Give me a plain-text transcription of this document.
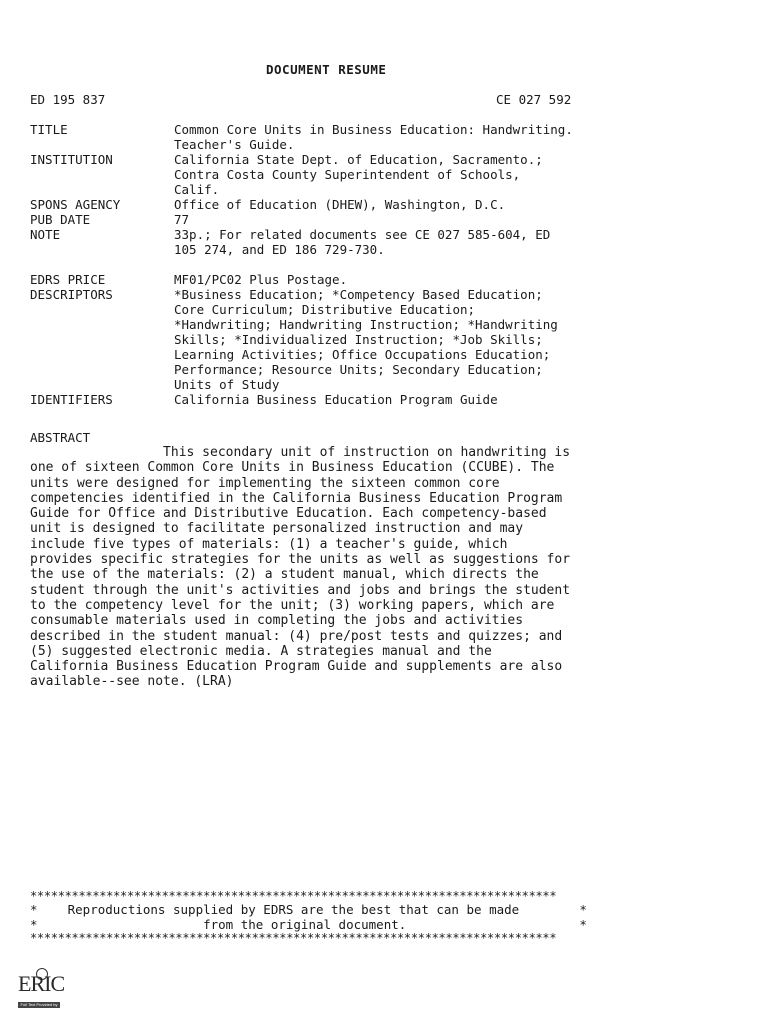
DOCUMENT RESUME
ED 195 837	CE 027 592
TITLE	Common Core Units in Business Education: Handwriting.
Teacher's Guide.
INSTITUTION	California State Dept. of Education, Sacramento.;
Contra Costa County Superintendent of Schools,
Calif.
SPONS AGENCY	Office of Education (DHEW), Washington, D.C.
PUB DATE	77
NOTE	33p.; For related documents see CE 027 585-604, ED
105 274, and ED 186 729-730.
EDRS PRICE	MF01/PC02 Plus Postage.
DESCRIPTORS	*Business Education; *Competency Based Education;
Core Curriculum; Distributive Education;
*Handwriting; Handwriting Instruction; *Handwriting
Skills; *Individualized Instruction; *Job Skills;
Learning Activities; Office Occupations Education;
Performance; Resource Units; Secondary Education;
Units of Study
IDENTIFIERS	California Business Education Program Guide
ABSTRACT
This secondary unit of instruction on handwriting is
one of sixteen Common Core Units in Business Education (CCUBE). The
units were designed for implementing the sixteen common core
competencies identified in the California Business Education Program
Guide for Office and Distributive Education. Each competency-based
unit is designed to facilitate personalized instruction and may
include five types of materials: (1) a teacher's guide, which
provides specific strategies for the units as well as suggestions for
the use of the materials: (2) a student manual, which directs the
student through the unit's activities and jobs and brings the student
to the competency level for the unit; (3) working papers, which are
consumable materials used in completing the jobs and activities
described in the student manual: (4) pre/post tests and quizzes; and
(5) suggested electronic media. A strategies manual and the
California Business Education Program Guide and supplements are also
available--see note. (LRA)
****************************************************************************
*    Reproductions supplied by EDRS are the best that can be made        *
*                      from the original document.                       *
****************************************************************************
ERIC
Full Text Provided by ERIC
